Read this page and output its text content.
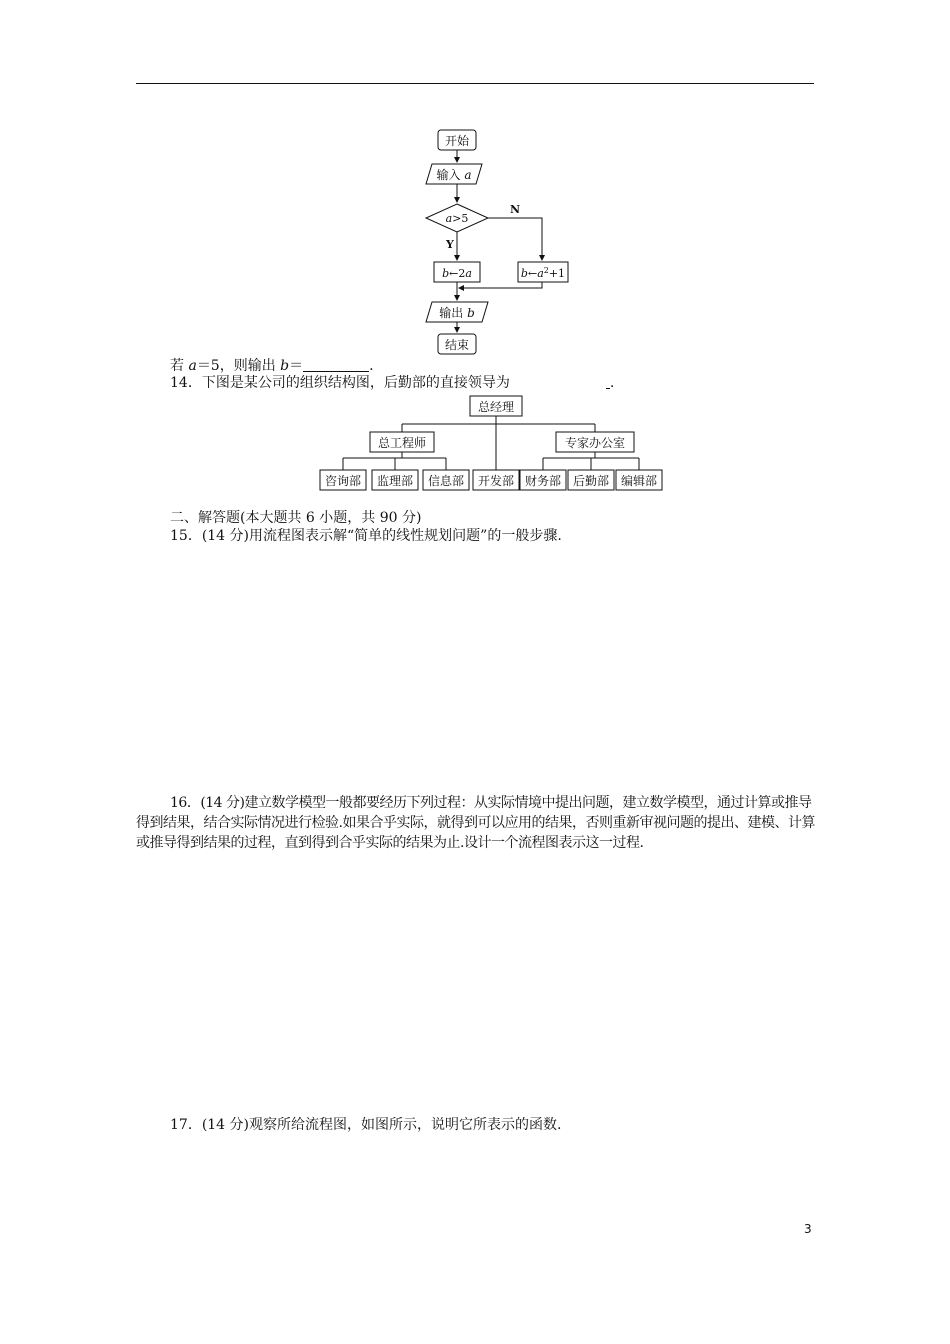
开始
输入 a
a>5
N
Y
b←2a	$b\leftarrow a^2+1$
输出 b
结束
若 a＝5，则输出 b＝	.
14．下图是某公司的组织结构图，后勤部的直接领导为	.
总经理
总工程师	专家办公室
咨询部 监理部 信息部 开发部 财务部 后勤部 编辑部
二、解答题(本大题共 6 小题，共 90 分)
15．(14 分)用流程图表示解“简单的线性规划问题”的一般步骤.
16．(14 分)建立数学模型一般都要经历下列过程：从实际情境中提出问题，建立数学模型，通过计算或推导得到结果，结合实际情况进行检验.如果合乎实际，就得到可以应用的结果，否则重新审视问题的提出、建模、计算或推导得到结果的过程，直到得到合乎实际的结果为止.设计一个流程图表示这一过程.
17．(14 分)观察所给流程图，如图所示，说明它所表示的函数.
3
